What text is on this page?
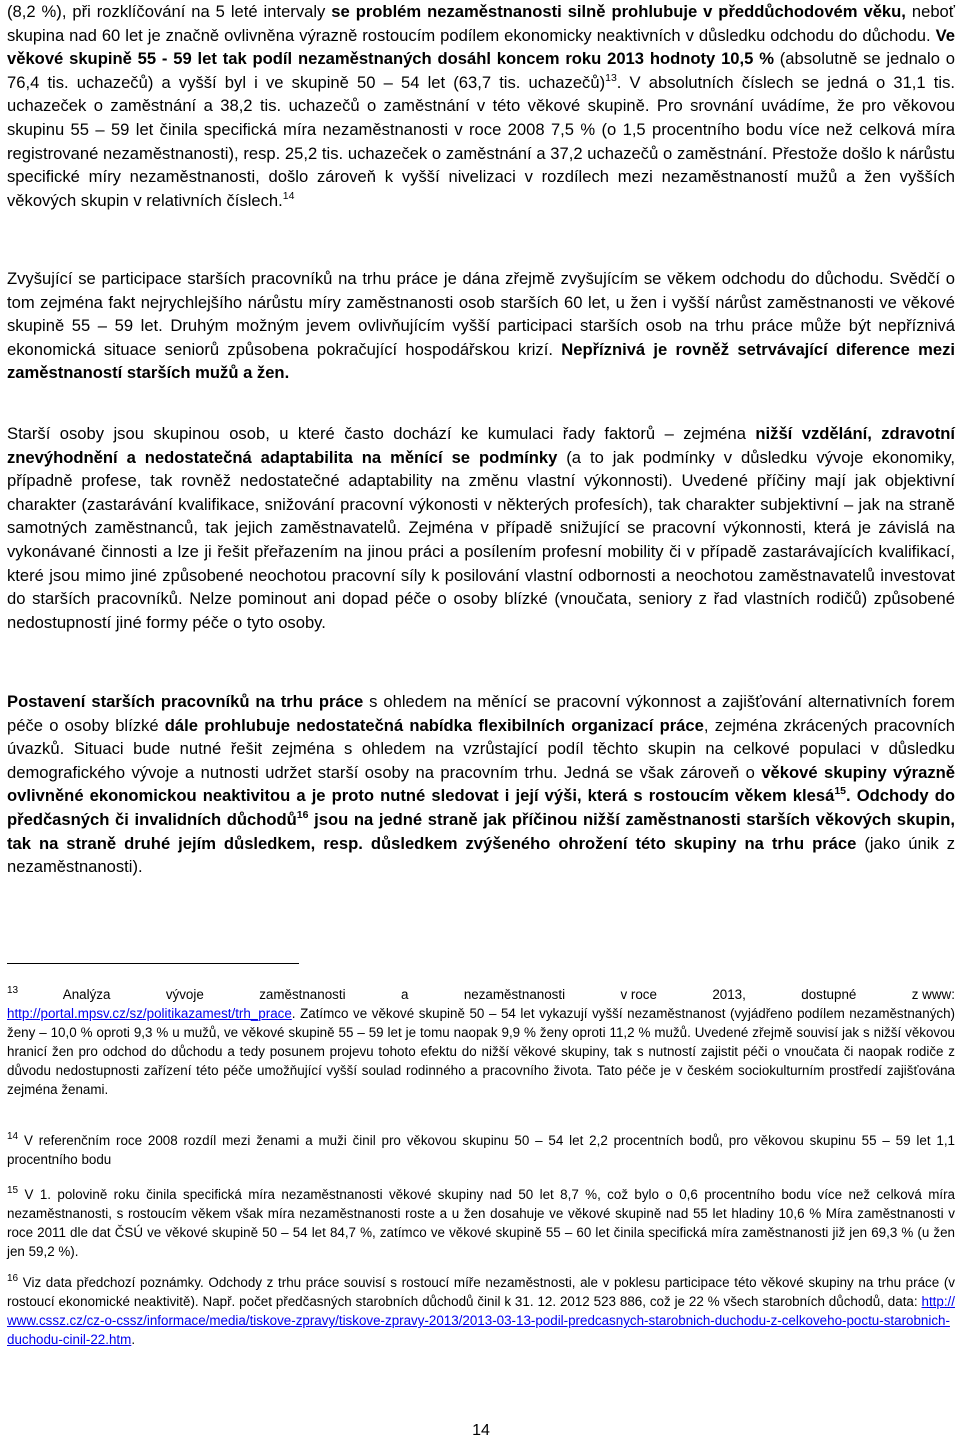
(8,2 %), při rozklíčování na 5 leté intervaly se problém nezaměstnanosti silně prohlubuje v předdůchodovém věku, neboť skupina nad 60 let je značně ovlivněna výrazně rostoucím podílem ekonomicky neaktivních v důsledku odchodu do důchodu. Ve věkové skupině 55 - 59 let tak podíl nezaměstnaných dosáhl koncem roku 2013 hodnoty 10,5 % (absolutně se jednalo o 76,4 tis. uchazečů) a vyšší byl i ve skupině 50 – 54 let (63,7 tis. uchazečů)$^{13}$. V absolutních číslech se jedná o 31,1 tis. uchazeček o zaměstnání a 38,2 tis. uchazečů o zaměstnání v této věkové skupině. Pro srovnání uvádíme, že pro věkovou skupinu 55 – 59 let činila specifická míra nezaměstnanosti v roce 2008 7,5 % (o 1,5 procentního bodu více než celková míra registrované nezaměstnanosti), resp. 25,2 tis. uchazeček o zaměstnání a 37,2 uchazečů o zaměstnání. Přestože došlo k nárůstu specifické míry nezaměstnanosti, došlo zároveň k vyšší nivelizaci v rozdílech mezi nezaměstnaností mužů a žen vyšších věkových skupin v relativních číslech.$^{14}$

Zvyšující se participace starších pracovníků na trhu práce je dána zřejmě zvyšujícím se věkem odchodu do důchodu. Svědčí o tom zejména fakt nejrychlejšího nárůstu míry zaměstnanosti osob starších 60 let, u žen i vyšší nárůst zaměstnanosti ve věkové skupině 55 – 59 let. Druhým možným jevem ovlivňujícím vyšší participaci starších osob na trhu práce může být nepříznivá ekonomická situace seniorů způsobena pokračující hospodářskou krizí. Nepříznivá je rovněž setrvávající diference mezi zaměstnaností starších mužů a žen.

Starší osoby jsou skupinou osob, u které často dochází ke kumulaci řady faktorů – zejména nižší vzdělání, zdravotní znevýhodnění a nedostatečná adaptabilita na měnící se podmínky (a to jak podmínky v důsledku vývoje ekonomiky, případně profese, tak rovněž nedostatečné adaptability na změnu vlastní výkonnosti). Uvedené příčiny mají jak objektivní charakter (zastarávání kvalifikace, snižování pracovní výkonosti v některých profesích), tak charakter subjektivní – jak na straně samotných zaměstnanců, tak jejich zaměstnavatelů. Zejména v případě snižující se pracovní výkonnosti, která je závislá na vykonávané činnosti a lze ji řešit přeřazením na jinou práci a posílením profesní mobility či v případě zastarávajících kvalifikací, které jsou mimo jiné způsobené neochotou pracovní síly k posilování vlastní odbornosti a neochotou zaměstnavatelů investovat do starších pracovníků. Nelze pominout ani dopad péče o osoby blízké (vnoučata, seniory z řad vlastních rodičů) způsobené nedostupností jiné formy péče o tyto osoby.

Postavení starších pracovníků na trhu práce s ohledem na měnící se pracovní výkonnost a zajišťování alternativních forem péče o osoby blízké dále prohlubuje nedostatečná nabídka flexibilních organizací práce, zejména zkrácených pracovních úvazků. Situaci bude nutné řešit zejména s ohledem na vzrůstající podíl těchto skupin na celkové populaci v důsledku demografického vývoje a nutnosti udržet starší osoby na pracovním trhu. Jedná se však zároveň o věkové skupiny výrazně ovlivněné ekonomickou neaktivitou a je proto nutné sledovat i její výši, která s rostoucím věkem klesá$^{15}$. Odchody do předčasných či invalidních důchodů$^{16}$ jsou na jedné straně jak příčinou nižší zaměstnanosti starších věkových skupin, tak na straně druhé jejím důsledkem, resp. důsledkem zvýšeného ohrožení této skupiny na trhu práce (jako únik z nezaměstnanosti).

$^{13}$	Analýza	vývoje	zaměstnanosti	a	nezaměstnanosti	v roce	2013,	dostupné	z www:
http://portal.mpsv.cz/sz/politikazamest/trh_prace. Zatímco ve věkové skupině 50 – 54 let vykazují vyšší nezaměstnanost (vyjádřeno podílem nezaměstnaných) ženy – 10,0 % oproti 9,3 % u mužů, ve věkové skupině 55 – 59 let je tomu naopak 9,9 % ženy oproti 11,2 % mužů. Uvedené zřejmě souvisí jak s nižší věkovou hranicí žen pro odchod do důchodu a tedy posunem projevu tohoto efektu do nižší věkové skupiny, tak s nutností zajistit péči o vnoučata či naopak rodiče z důvodu nedostupnosti zařízení této péče umožňující vyšší soulad rodinného a pracovního života. Tato péče je v českém sociokulturním prostředí zajišťována zejména ženami.

$^{14}$ V referenčním roce 2008 rozdíl mezi ženami a muži činil pro věkovou skupinu 50 – 54 let 2,2 procentních bodů, pro věkovou skupinu 55 – 59 let 1,1 procentního bodu

$^{15}$ V 1. polovině roku činila specifická míra nezaměstnanosti věkové skupiny nad 50 let 8,7 %, což bylo o 0,6 procentního bodu více než celková míra nezaměstnanosti, s rostoucím věkem však míra nezaměstnanosti roste a u žen dosahuje ve věkové skupině nad 55 let hladiny 10,6 % Míra zaměstnanosti v roce 2011 dle dat ČSÚ ve věkové skupině 50 – 54 let 84,7 %, zatímco ve věkové skupině 55 – 60 let činila specifická míra zaměstnanosti již jen 69,3 % (u žen jen 59,2 %).

$^{16}$ Viz data předchozí poznámky. Odchody z trhu práce souvisí s rostoucí míře nezaměstnosti, ale v poklesu participace této věkové skupiny na trhu práce (v rostoucí ekonomické neaktivitě). Např. počet předčasných starobních důchodů činil k 31. 12. 2012 523 886, což je 22 % všech starobních důchodů, data: http://www.cssz.cz/cz-o-cssz/informace/media/tiskove-zpravy/tiskove-zpravy-2013/2013-03-13-podil-predcasnych-starobnich-duchodu-z-celkoveho-poctu-starobnich-duchodu-cinil-22.htm.

14
